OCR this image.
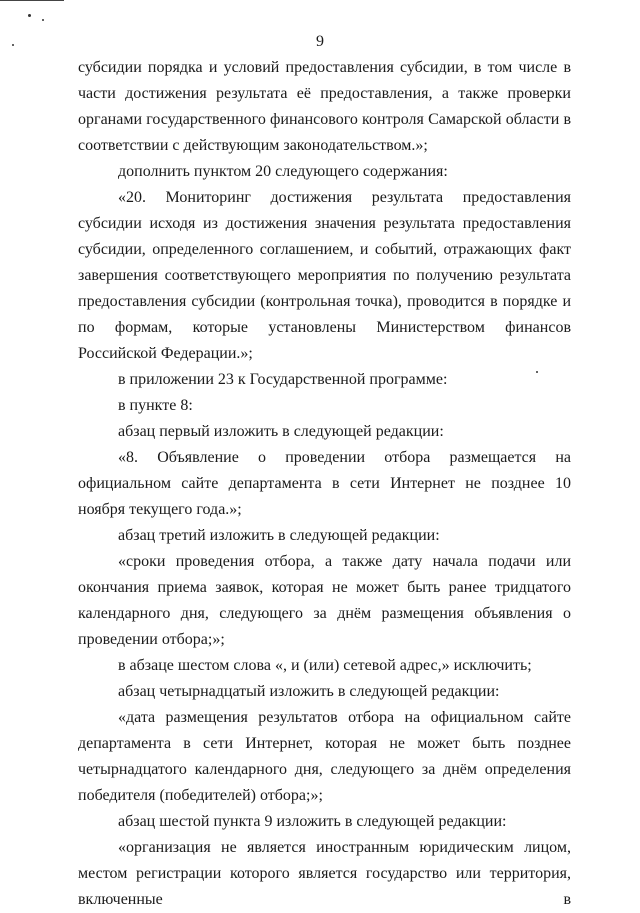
9

субсидии порядка и условий предоставления субсидии, в том числе в части достижения результата её предоставления, а также проверки органами государственного финансового контроля Самарской области в соответствии с действующим законодательством.»;

дополнить пунктом 20 следующего содержания:

«20. Мониторинг достижения результата предоставления субсидии исходя из достижения значения результата предоставления субсидии, определенного соглашением, и событий, отражающих факт завершения соответствующего мероприятия по получению результата предоставления субсидии (контрольная точка), проводится в порядке и по формам, которые установлены Министерством финансов Российской Федерации.»;

в приложении 23 к Государственной программе:

в пункте 8:

абзац первый изложить в следующей редакции:

«8. Объявление о проведении отбора размещается на официальном сайте департамента в сети Интернет не позднее 10 ноября текущего года.»;

абзац третий изложить в следующей редакции:

«сроки проведения отбора, а также дату начала подачи или окончания приема заявок, которая не может быть ранее тридцатого календарного дня, следующего за днём размещения объявления о проведении отбора;»;

в абзаце шестом слова «, и (или) сетевой адрес,» исключить;

абзац четырнадцатый изложить в следующей редакции:

«дата размещения результатов отбора на официальном сайте департамента в сети Интернет, которая не может быть позднее четырнадцатого календарного дня, следующего за днём определения победителя (победителей) отбора;»;

абзац шестой пункта 9 изложить в следующей редакции:

«организация не является иностранным юридическим лицом, местом регистрации которого является государство или территория, включенные в
